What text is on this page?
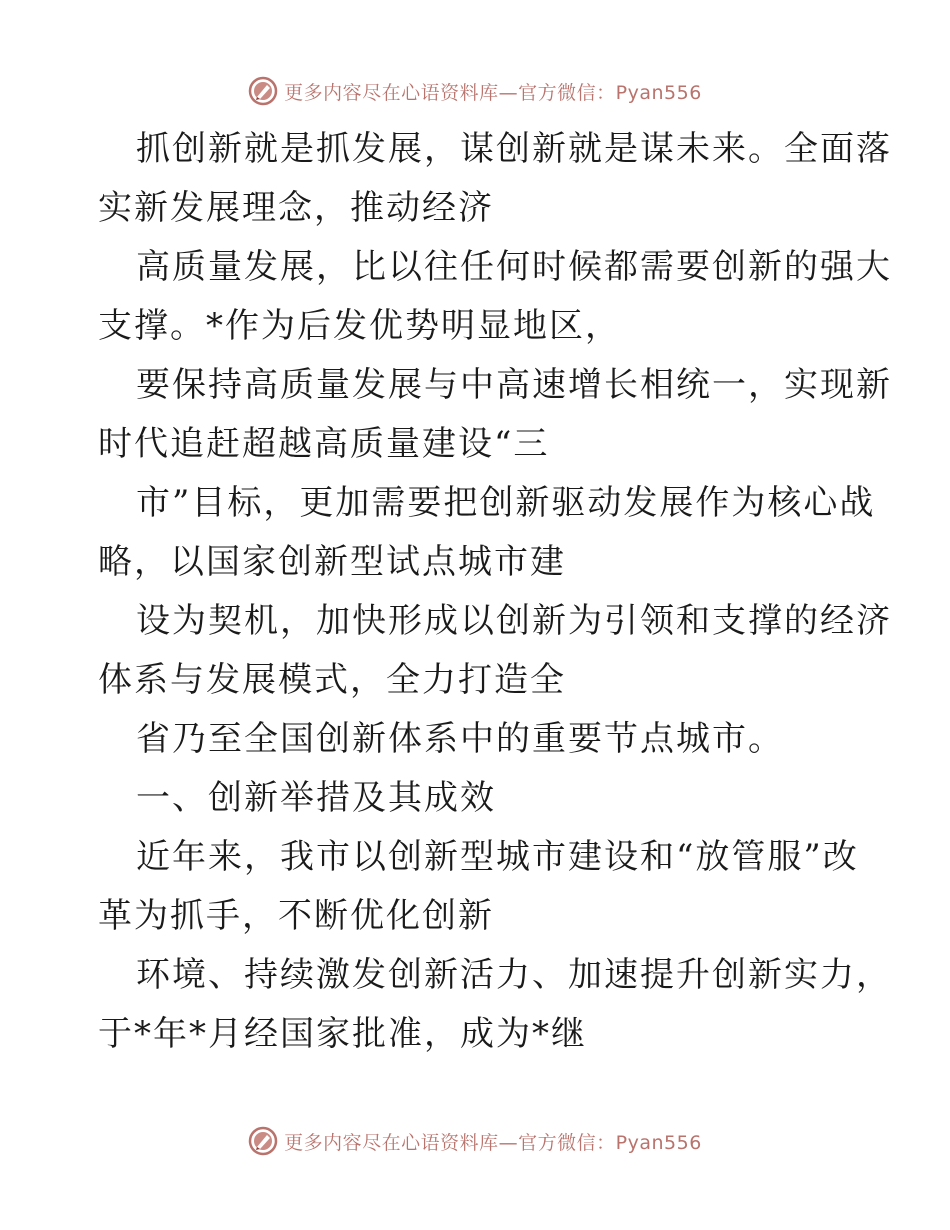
更多内容尽在心语资料库—官方微信：Pyan556
抓创新就是抓发展，谋创新就是谋未来。全面落
实新发展理念，推动经济
高质量发展，比以往任何时候都需要创新的强大
支撑。*作为后发优势明显地区，
要保持高质量发展与中高速增长相统一，实现新
时代追赶超越高质量建设“三
市”目标，更加需要把创新驱动发展作为核心战
略，以国家创新型试点城市建
设为契机，加快形成以创新为引领和支撑的经济
体系与发展模式，全力打造全
省乃至全国创新体系中的重要节点城市。
一、创新举措及其成效
近年来，我市以创新型城市建设和“放管服”改
革为抓手，不断优化创新
环境、持续激发创新活力、加速提升创新实力，
于*年*月经国家批准，成为*继
更多内容尽在心语资料库—官方微信：Pyan556
